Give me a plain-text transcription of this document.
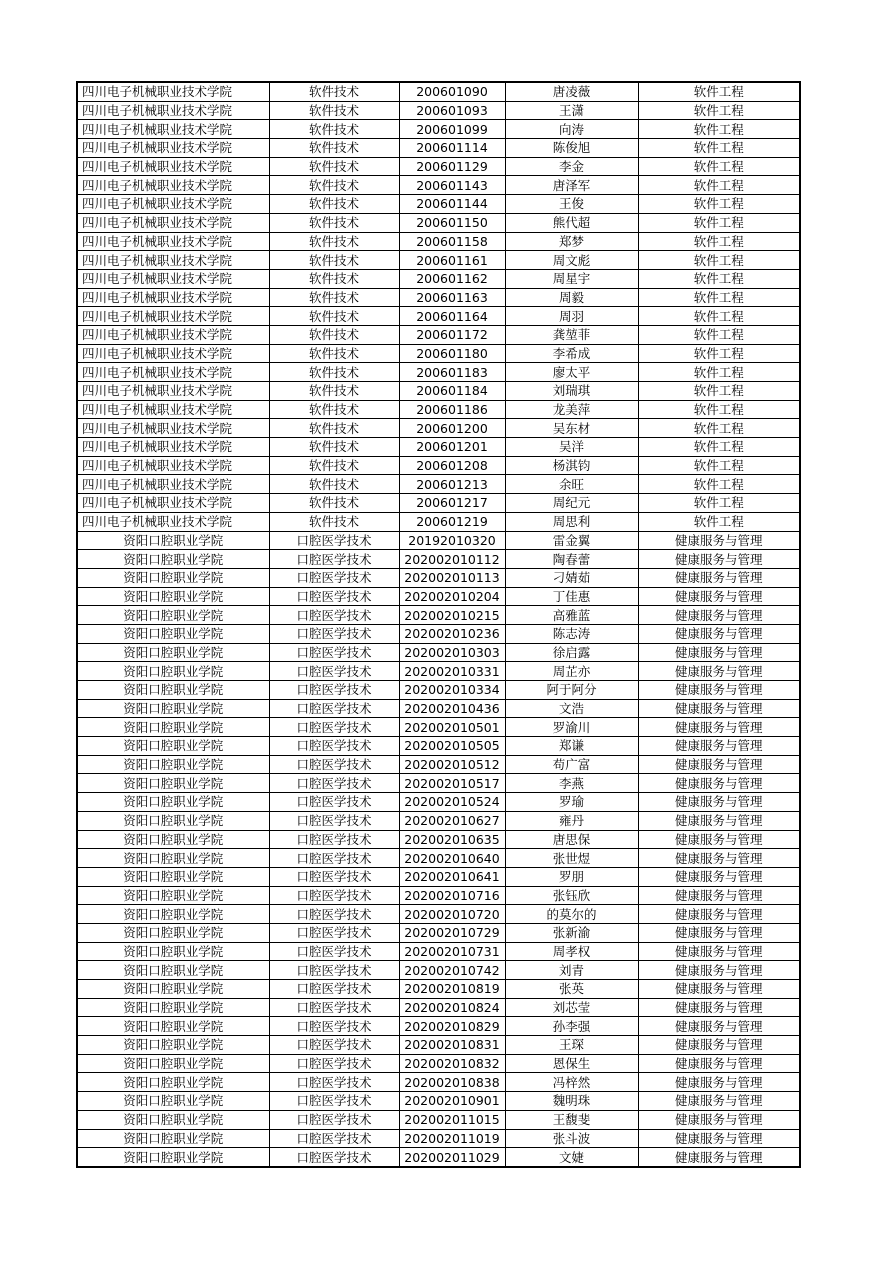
四川电子机械职业技术学院	软件技术	200601090	唐凌薇	软件工程
四川电子机械职业技术学院	软件技术	200601093	王潇	软件工程
四川电子机械职业技术学院	软件技术	200601099	向涛	软件工程
四川电子机械职业技术学院	软件技术	200601114	陈俊旭	软件工程
四川电子机械职业技术学院	软件技术	200601129	李金	软件工程
四川电子机械职业技术学院	软件技术	200601143	唐泽军	软件工程
四川电子机械职业技术学院	软件技术	200601144	王俊	软件工程
四川电子机械职业技术学院	软件技术	200601150	熊代超	软件工程
四川电子机械职业技术学院	软件技术	200601158	郑梦	软件工程
四川电子机械职业技术学院	软件技术	200601161	周文彪	软件工程
四川电子机械职业技术学院	软件技术	200601162	周星宇	软件工程
四川电子机械职业技术学院	软件技术	200601163	周毅	软件工程
四川电子机械职业技术学院	软件技术	200601164	周羽	软件工程
四川电子机械职业技术学院	软件技术	200601172	龚堃菲	软件工程
四川电子机械职业技术学院	软件技术	200601180	李希成	软件工程
四川电子机械职业技术学院	软件技术	200601183	廖太平	软件工程
四川电子机械职业技术学院	软件技术	200601184	刘瑞琪	软件工程
四川电子机械职业技术学院	软件技术	200601186	龙美萍	软件工程
四川电子机械职业技术学院	软件技术	200601200	吴东材	软件工程
四川电子机械职业技术学院	软件技术	200601201	吴洋	软件工程
四川电子机械职业技术学院	软件技术	200601208	杨淇钧	软件工程
四川电子机械职业技术学院	软件技术	200601213	余旺	软件工程
四川电子机械职业技术学院	软件技术	200601217	周纪元	软件工程
四川电子机械职业技术学院	软件技术	200601219	周思利	软件工程
资阳口腔职业学院	口腔医学技术	20192010320	雷金翼	健康服务与管理
资阳口腔职业学院	口腔医学技术	202002010112	陶春蕾	健康服务与管理
资阳口腔职业学院	口腔医学技术	202002010113	刁婧茹	健康服务与管理
资阳口腔职业学院	口腔医学技术	202002010204	丁佳惠	健康服务与管理
资阳口腔职业学院	口腔医学技术	202002010215	高雅蓝	健康服务与管理
资阳口腔职业学院	口腔医学技术	202002010236	陈志涛	健康服务与管理
资阳口腔职业学院	口腔医学技术	202002010303	徐启露	健康服务与管理
资阳口腔职业学院	口腔医学技术	202002010331	周芷亦	健康服务与管理
资阳口腔职业学院	口腔医学技术	202002010334	阿于阿分	健康服务与管理
资阳口腔职业学院	口腔医学技术	202002010436	文浩	健康服务与管理
资阳口腔职业学院	口腔医学技术	202002010501	罗渝川	健康服务与管理
资阳口腔职业学院	口腔医学技术	202002010505	郑谦	健康服务与管理
资阳口腔职业学院	口腔医学技术	202002010512	苟广富	健康服务与管理
资阳口腔职业学院	口腔医学技术	202002010517	李燕	健康服务与管理
资阳口腔职业学院	口腔医学技术	202002010524	罗瑜	健康服务与管理
资阳口腔职业学院	口腔医学技术	202002010627	雍丹	健康服务与管理
资阳口腔职业学院	口腔医学技术	202002010635	唐思保	健康服务与管理
资阳口腔职业学院	口腔医学技术	202002010640	张世煜	健康服务与管理
资阳口腔职业学院	口腔医学技术	202002010641	罗朋	健康服务与管理
资阳口腔职业学院	口腔医学技术	202002010716	张钰欣	健康服务与管理
资阳口腔职业学院	口腔医学技术	202002010720	的莫尔的	健康服务与管理
资阳口腔职业学院	口腔医学技术	202002010729	张新渝	健康服务与管理
资阳口腔职业学院	口腔医学技术	202002010731	周孝权	健康服务与管理
资阳口腔职业学院	口腔医学技术	202002010742	刘青	健康服务与管理
资阳口腔职业学院	口腔医学技术	202002010819	张英	健康服务与管理
资阳口腔职业学院	口腔医学技术	202002010824	刘芯莹	健康服务与管理
资阳口腔职业学院	口腔医学技术	202002010829	孙李强	健康服务与管理
资阳口腔职业学院	口腔医学技术	202002010831	王琛	健康服务与管理
资阳口腔职业学院	口腔医学技术	202002010832	恩保生	健康服务与管理
资阳口腔职业学院	口腔医学技术	202002010838	冯梓然	健康服务与管理
资阳口腔职业学院	口腔医学技术	202002010901	魏明珠	健康服务与管理
资阳口腔职业学院	口腔医学技术	202002011015	王馥斐	健康服务与管理
资阳口腔职业学院	口腔医学技术	202002011019	张斗波	健康服务与管理
资阳口腔职业学院	口腔医学技术	202002011029	文婕	健康服务与管理
